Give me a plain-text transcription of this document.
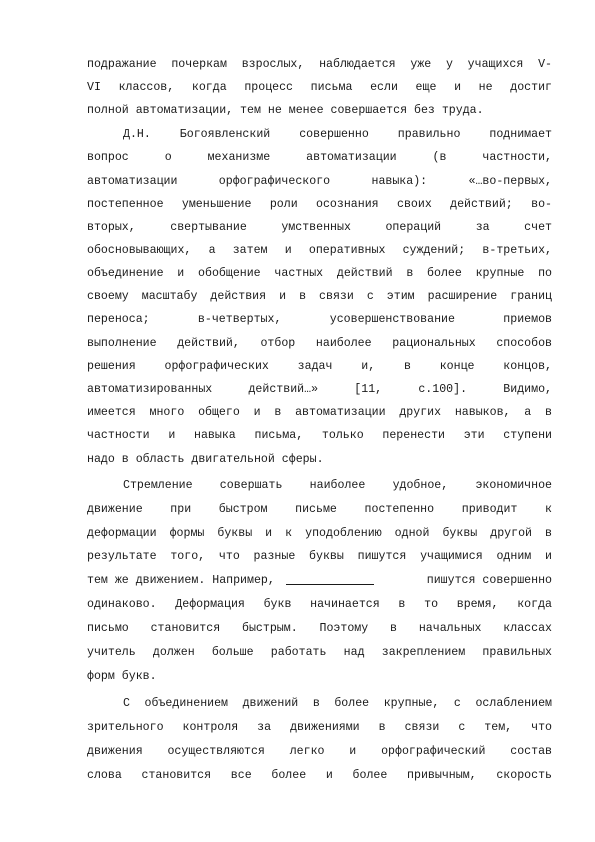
подражание почеркам взрослых, наблюдается уже у учащихся V-
VI классов, когда процесс письма если еще и не достиг
полной автоматизации, тем не менее совершается без труда.
Д.Н. Богоявленский совершенно правильно поднимает
вопрос о механизме автоматизации (в частности,
автоматизации орфографического навыка): «…во-первых,
постепенное уменьшение роли осознания своих действий; во-
вторых, свертывание умственных операций за счет
обосновывающих, а затем и оперативных суждений; в-третьих,
объединение и обобщение частных действий в более крупные по
своему масштабу действия и в связи с этим расширение границ
переноса; в-четвертых, усовершенствование приемов
выполнение действий, отбор наиболее рациональных способов
решения орфографических задач и, в конце концов,
автоматизированных действий…» [11, с.100]. Видимо,
имеется много общего и в автоматизации других навыков, а в
частности и навыка письма, только перенести эти ступени
надо в область двигательной сферы.
Стремление совершать наиболее удобное, экономичное
движение при быстром письме постепенно приводит к
деформации формы буквы и к уподоблению одной буквы другой в
результате того, что разные буквы пишутся учащимися одним и
тем же движением. Например,	пишутся совершенно
одинаково. Деформация букв начинается в то время, когда
письмо становится быстрым. Поэтому в начальных классах
учитель должен больше работать над закреплением правильных
форм букв.
С объединением движений в более крупные, с ослаблением
зрительного контроля за движениями в связи с тем, что
движения осуществляются легко и орфографический состав
слова становится все более и более привычным, скорость
